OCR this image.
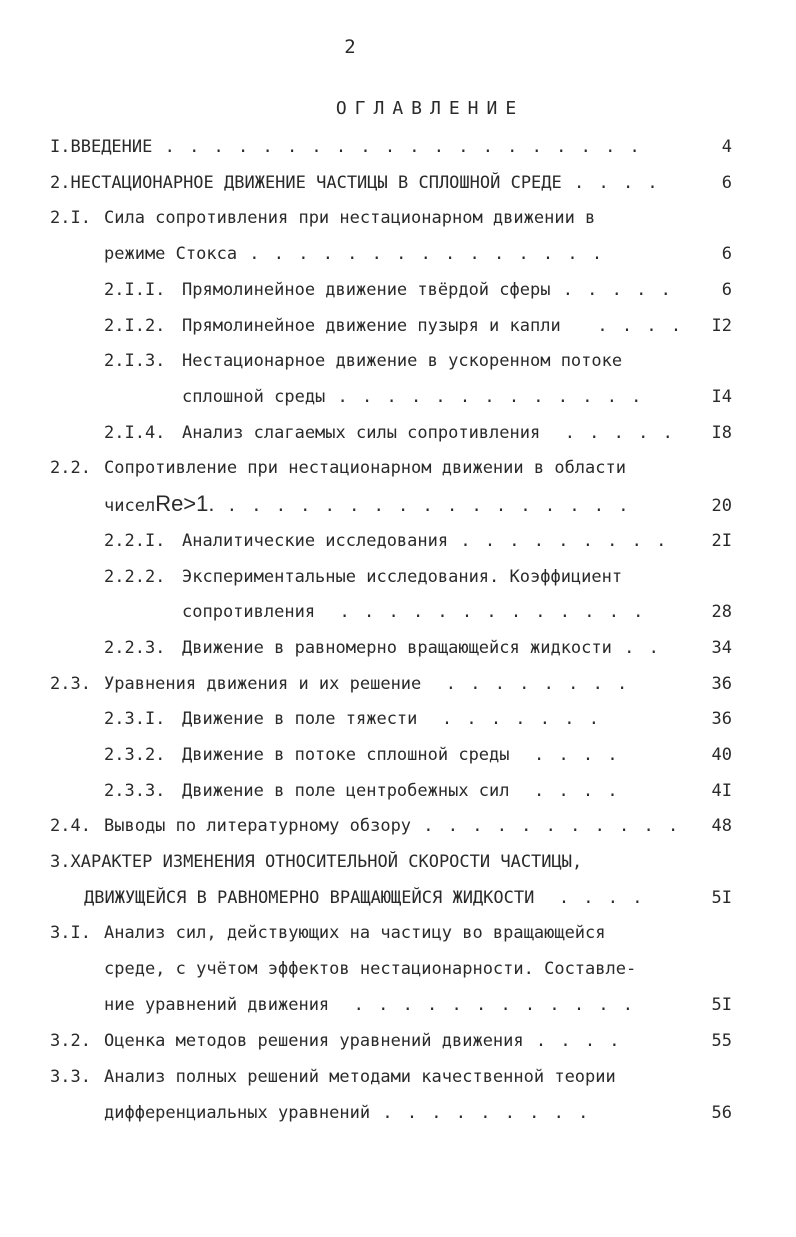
2
ОГЛАВЛЕНИЕ
I. ВВЕДЕНИЕ . . . . . . . . . . . . . . . . . . . .	4
2. НЕСТАЦИОНАРНОЕ ДВИЖЕНИЕ ЧАСТИЦЫ В СПЛОШНОЙ СРЕДЕ . . . .	6
2.I. Сила сопротивления при нестационарном движении в
режиме Стокса . . . . . . . . . . . . . . .	6
2.I.I. Прямолинейное движение твёрдой сферы . . . . .	6
2.I.2. Прямолинейное движение пузыря и капли . . . .	I2
2.I.3. Нестационарное движение в ускоренном потоке
сплошной среды . . . . . . . . . . . . .	I4
2.I.4. Анализ слагаемых силы сопротивления . . . . .	I8
2.2. Сопротивление при нестационарном движении в области
чисел Re>1. . . . . . . . . . . . . . . . . .	20
2.2.I. Аналитические исследования . . . . . . . . .	2I
2.2.2. Экспериментальные исследования. Коэффициент
сопротивления . . . . . . . . . . . . .	28
2.2.3. Движение в равномерно вращающейся жидкости . .	34
2.3. Уравнения движения и их решение . . . . . . . .	36
2.3.I. Движение в поле тяжести . . . . . . .	36
2.3.2. Движение в потоке сплошной среды . . . .	40
2.3.3. Движение в поле центробежных сил . . . .	4I
2.4. Выводы по литературному обзору . . . . . . . . . . .	48
3. ХАРАКТЕР ИЗМЕНЕНИЯ ОТНОСИТЕЛЬНОЙ СКОРОСТИ ЧАСТИЦЫ,
ДВИЖУЩЕЙСЯ В РАВНОМЕРНО ВРАЩАЮЩЕЙСЯ ЖИДКОСТИ . . . .	5I
3.I. Анализ сил, действующих на частицу во вращающейся
среде, с учётом эффектов нестационарности. Составле-
ние уравнений движения . . . . . . . . . . . .	5I
3.2. Оценка методов решения уравнений движения . . . .	55
3.3. Анализ полных решений методами качественной теории
дифференциальных уравнений . . . . . . . . .	56
